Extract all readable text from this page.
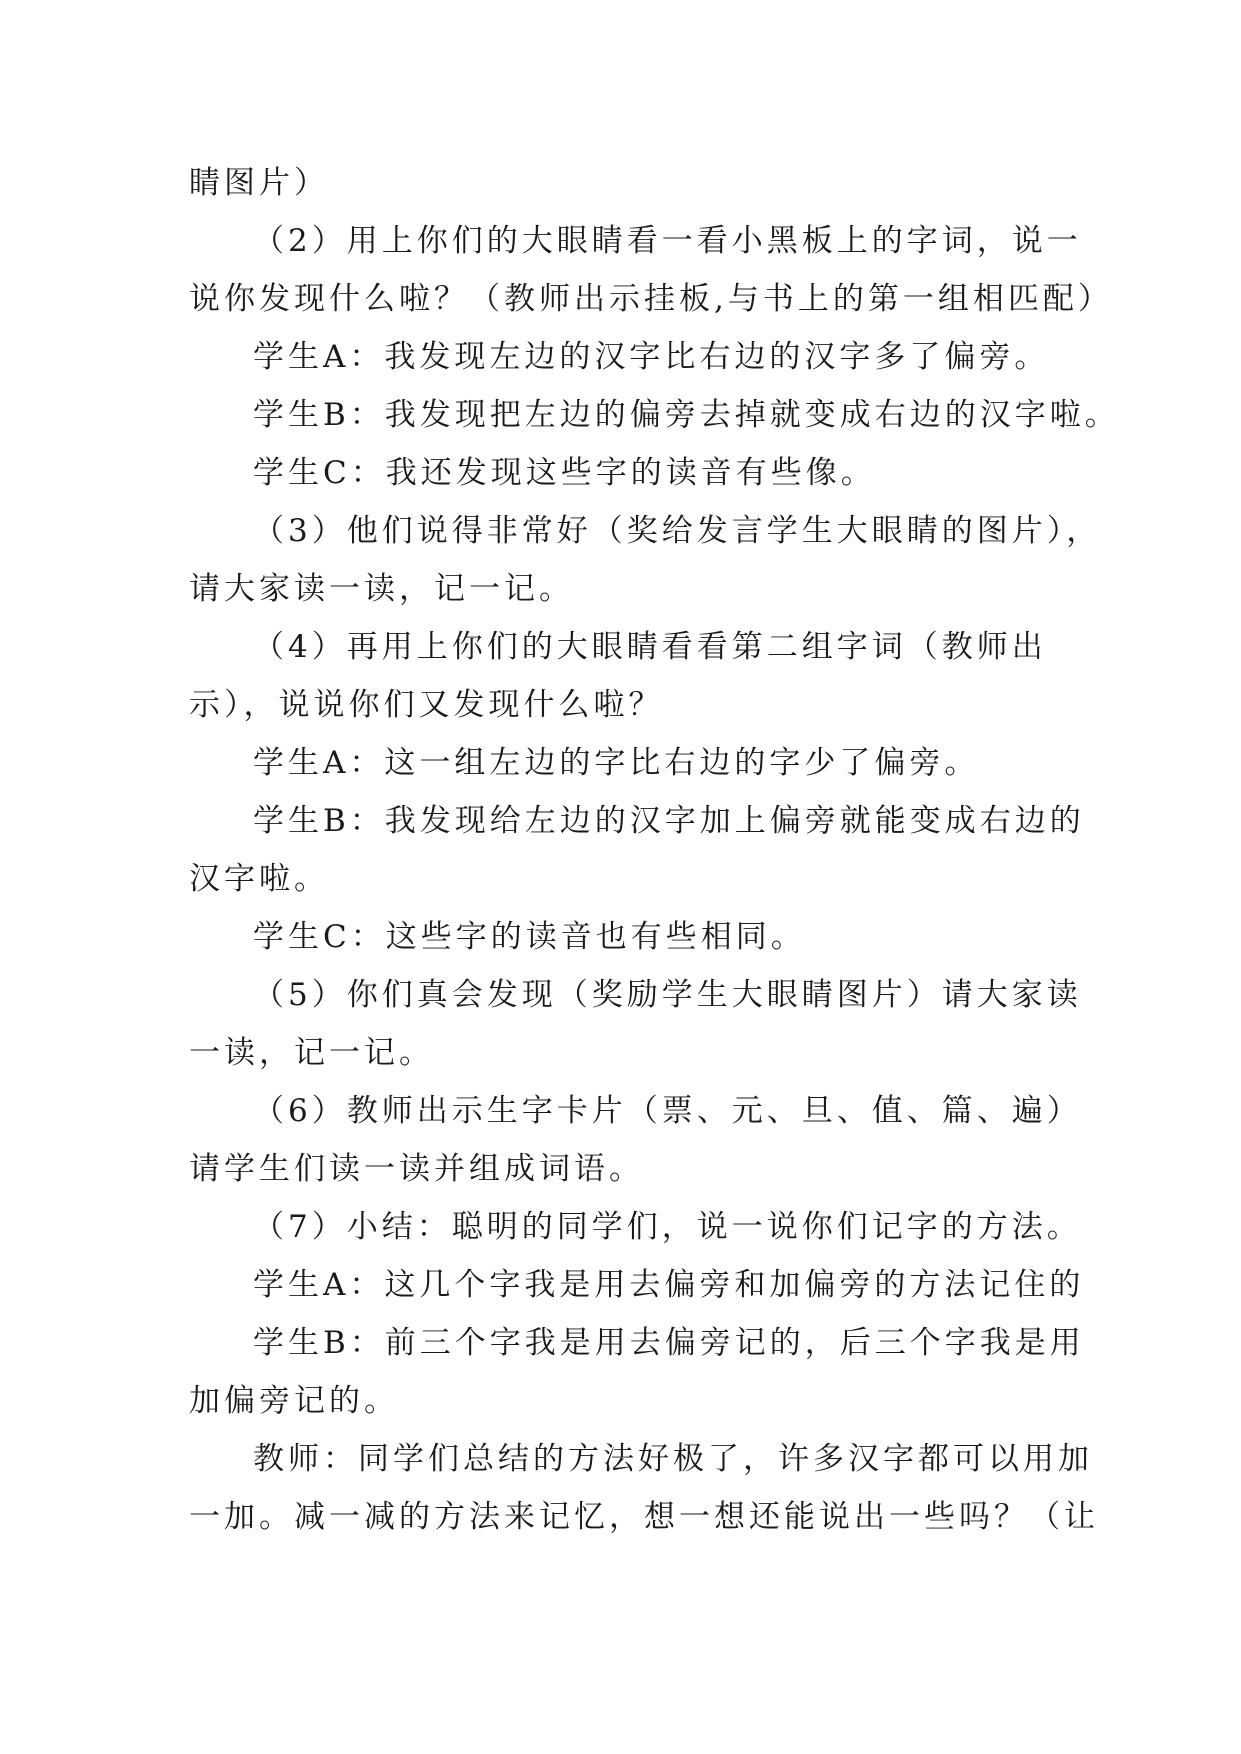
睛图片）
（2）用上你们的大眼睛看一看小黑板上的字词，说一
说你发现什么啦？（教师出示挂板,与书上的第一组相匹配）
学生A：我发现左边的汉字比右边的汉字多了偏旁。
学生B：我发现把左边的偏旁去掉就变成右边的汉字啦。
学生C：我还发现这些字的读音有些像。
（3）他们说得非常好（奖给发言学生大眼睛的图片），
请大家读一读，记一记。
（4）再用上你们的大眼睛看看第二组字词（教师出
示），说说你们又发现什么啦？
学生A：这一组左边的字比右边的字少了偏旁。
学生B：我发现给左边的汉字加上偏旁就能变成右边的
汉字啦。
学生C：这些字的读音也有些相同。
（5）你们真会发现（奖励学生大眼睛图片）请大家读
一读，记一记。
（6）教师出示生字卡片（票、元、旦、值、篇、遍）
请学生们读一读并组成词语。
（7）小结：聪明的同学们，说一说你们记字的方法。
学生A：这几个字我是用去偏旁和加偏旁的方法记住的
学生B：前三个字我是用去偏旁记的，后三个字我是用
加偏旁记的。
教师：同学们总结的方法好极了，许多汉字都可以用加
一加。减一减的方法来记忆，想一想还能说出一些吗？（让
